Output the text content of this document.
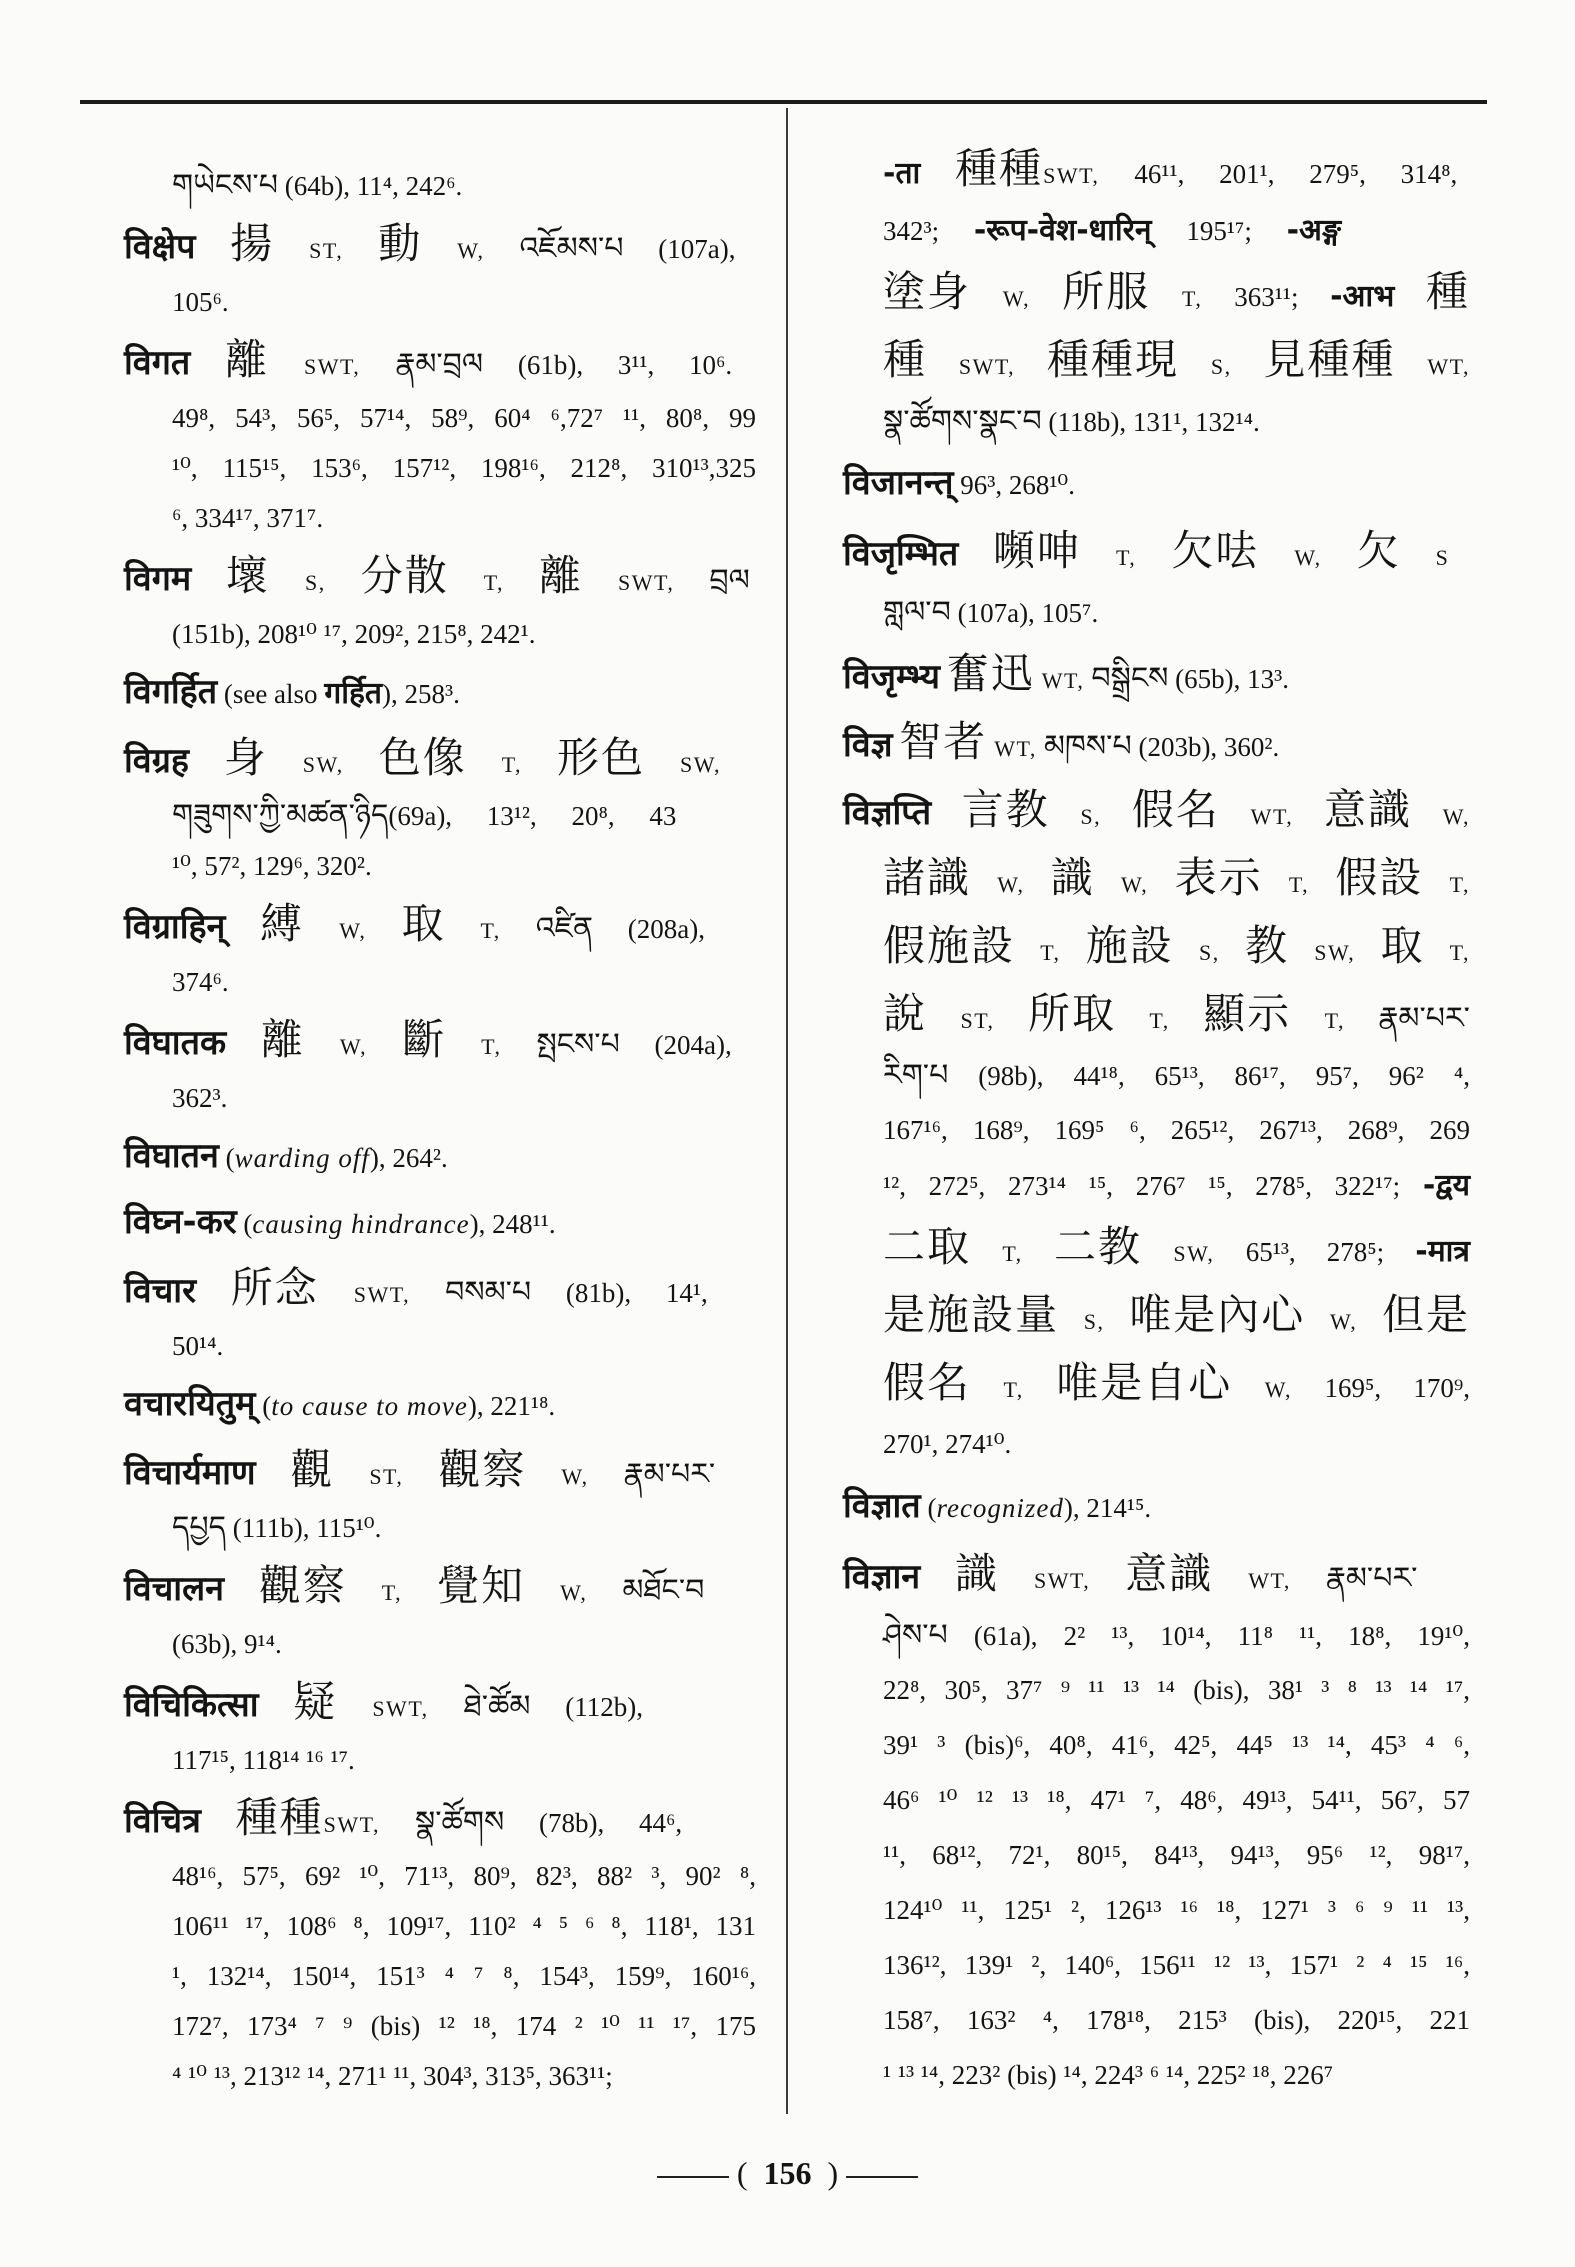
གཡེངས་པ (64b), 11⁴, 242⁶.
विक्षेप 揚 ST, 動 W, འཇོམས་པ (107a),
105⁶.
विगत 離 SWT, རྣམ་བྲལ (61b), 3¹¹, 10⁶.
49⁸, 54³, 56⁵, 57¹⁴, 58⁹, 60⁴ ⁶,72⁷ ¹¹, 80⁸, 99
¹⁰, 115¹⁵, 153⁶, 157¹², 198¹⁶, 212⁸, 310¹³,325
⁶, 334¹⁷, 371⁷.
विगम 壞 S, 分散 T, 離 SWT, བྲལ
(151b), 208¹⁰ ¹⁷, 209², 215⁸, 242¹.
विगर्हित (see also गर्हित), 258³.
विग्रह 身 SW, 色像 T, 形色 SW,
གཟུགས་ཀྱི་མཚན་ཉིད(69a), 13¹², 20⁸, 43
¹⁰, 57², 129⁶, 320².
विग्राहिन् 縛 W, 取 T, འཛིན (208a),
374⁶.
विघातक 離 W, 斷 T, སྤངས་པ (204a),
362³.
विघातन (warding off), 264².
विघ्न-कर (causing hindrance), 248¹¹.
विचार 所念 SWT, བསམ་པ (81b), 14¹,
50¹⁴.
वचारयितुम् (to cause to move), 221¹⁸.
विचार्यमाण 觀 ST, 觀察 W, རྣམ་པར་
དཔྱད (111b), 115¹⁰.
विचालन 觀察 T, 覺知 W, མཐོང་བ
(63b), 9¹⁴.
विचिकित्सा 疑 SWT, ཐེ་ཚོམ (112b),
117¹⁵, 118¹⁴ ¹⁶ ¹⁷.
विचित्र 種種SWT, སྣ་ཚོགས (78b), 44⁶,
48¹⁶, 57⁵, 69² ¹⁰, 71¹³, 80⁹, 82³, 88² ³, 90² ⁸,
106¹¹ ¹⁷, 108⁶ ⁸, 109¹⁷, 110² ⁴ ⁵ ⁶ ⁸, 118¹, 131
¹, 132¹⁴, 150¹⁴, 151³ ⁴ ⁷ ⁸, 154³, 159⁹, 160¹⁶,
172⁷, 173⁴ ⁷ ⁹ (bis) ¹² ¹⁸, 174 ² ¹⁰ ¹¹ ¹⁷, 175
⁴ ¹⁰ ¹³, 213¹² ¹⁴, 271¹ ¹¹, 304³, 313⁵, 363¹¹;
-ता 種種SWT, 46¹¹, 201¹, 279⁵, 314⁸,
342³; -रूप-वेश-धारिन् 195¹⁷; -अङ्ग
塗身 W, 所服 T, 363¹¹; -आभ 種
種 SWT, 種種現 S, 見種種 WT,
སྣ་ཚོགས་སྣང་བ (118b), 131¹, 132¹⁴.
विजानन्त् 96³, 268¹⁰.
विजृम्भित 嚬呻 T, 欠呿 W, 欠 S
གླལ་བ (107a), 105⁷.
विजृम्भ्य 奮迅 WT, བསྒྲིངས (65b), 13³.
विज्ञ 智者 WT, མཁས་པ (203b), 360².
विज्ञप्ति 言教 S, 假名 WT, 意識 W,
諸識 W, 識 W, 表示 T, 假設 T,
假施設 T, 施設 S, 教 SW, 取 T,
說 ST, 所取 T, 顯示 T, རྣམ་པར་
རིག་པ (98b), 44¹⁸, 65¹³, 86¹⁷, 95⁷, 96² ⁴,
167¹⁶, 168⁹, 169⁵ ⁶, 265¹², 267¹³, 268⁹, 269
¹², 272⁵, 273¹⁴ ¹⁵, 276⁷ ¹⁵, 278⁵, 322¹⁷; -द्वय
二取 T, 二教 SW, 65¹³, 278⁵; -मात्र
是施設量 S, 唯是內心 W, 但是
假名 T, 唯是自心 W, 169⁵, 170⁹,
270¹, 274¹⁰.
विज्ञात (recognized), 214¹⁵.
विज्ञान 識 SWT, 意識 WT, རྣམ་པར་
ཤེས་པ (61a), 2² ¹³, 10¹⁴, 11⁸ ¹¹, 18⁸, 19¹⁰,
22⁸, 30⁵, 37⁷ ⁹ ¹¹ ¹³ ¹⁴ (bis), 38¹ ³ ⁸ ¹³ ¹⁴ ¹⁷,
39¹ ³ (bis)⁶, 40⁸, 41⁶, 42⁵, 44⁵ ¹³ ¹⁴, 45³ ⁴ ⁶,
46⁶ ¹⁰ ¹² ¹³ ¹⁸, 47¹ ⁷, 48⁶, 49¹³, 54¹¹, 56⁷, 57
¹¹, 68¹², 72¹, 80¹⁵, 84¹³, 94¹³, 95⁶ ¹², 98¹⁷,
124¹⁰ ¹¹, 125¹ ², 126¹³ ¹⁶ ¹⁸, 127¹ ³ ⁶ ⁹ ¹¹ ¹³,
136¹², 139¹ ², 140⁶, 156¹¹ ¹² ¹³, 157¹ ² ⁴ ¹⁵ ¹⁶,
158⁷, 163² ⁴, 178¹⁸, 215³ (bis), 220¹⁵, 221
¹ ¹³ ¹⁴, 223² (bis) ¹⁴, 224³ ⁶ ¹⁴, 225² ¹⁸, 226⁷
( 156 )
